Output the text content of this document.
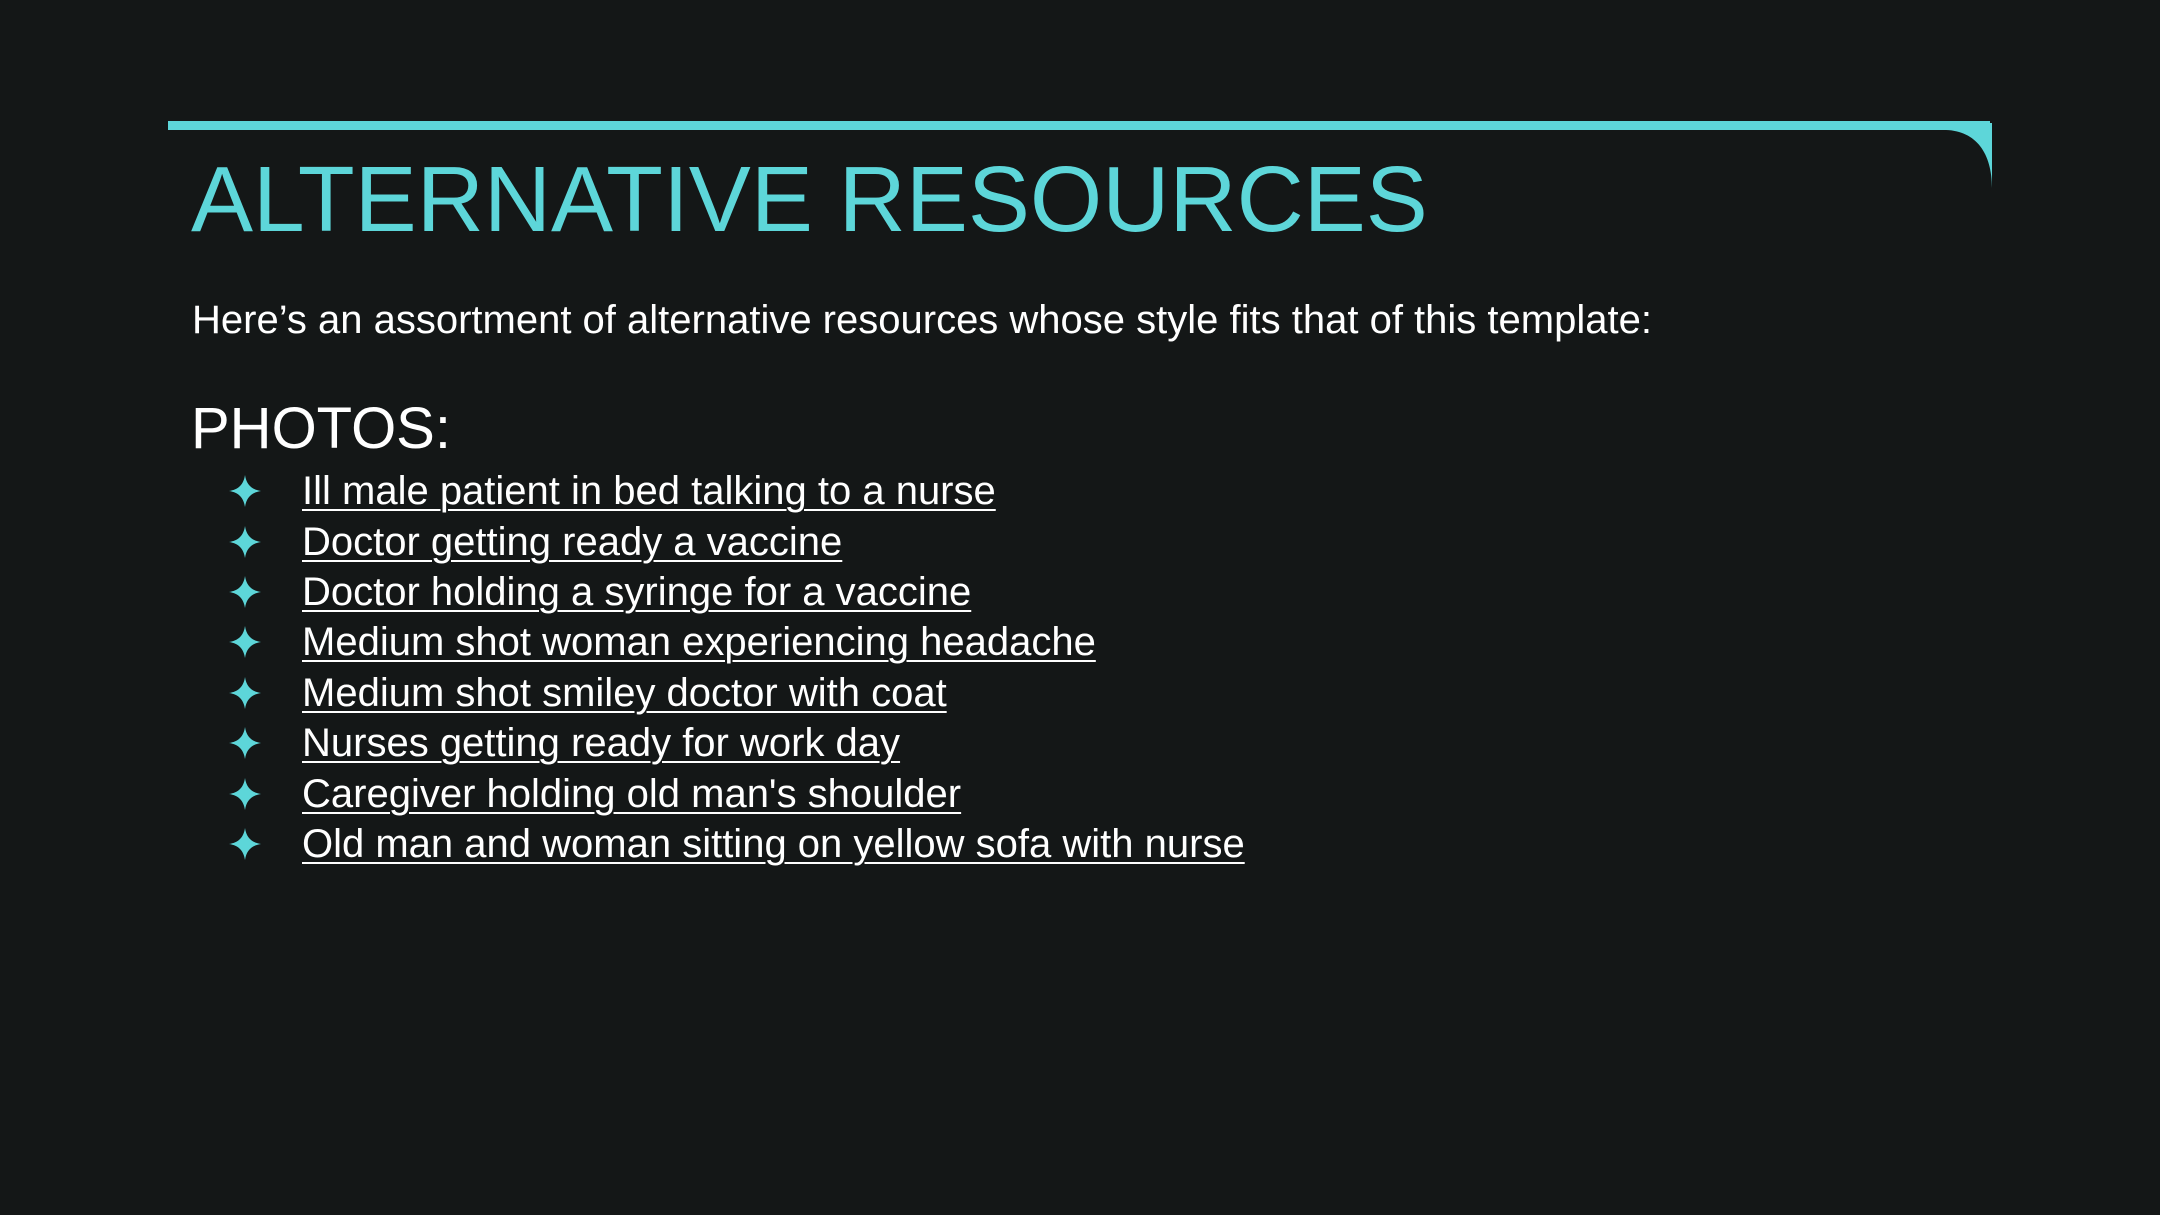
ALTERNATIVE RESOURCES

Here’s an assortment of alternative resources whose style fits that of this template:

PHOTOS:
Ill male patient in bed talking to a nurse
Doctor getting ready a vaccine
Doctor holding a syringe for a vaccine
Medium shot woman experiencing headache
Medium shot smiley doctor with coat
Nurses getting ready for work day
Caregiver holding old man's shoulder
Old man and woman sitting on yellow sofa with nurse
